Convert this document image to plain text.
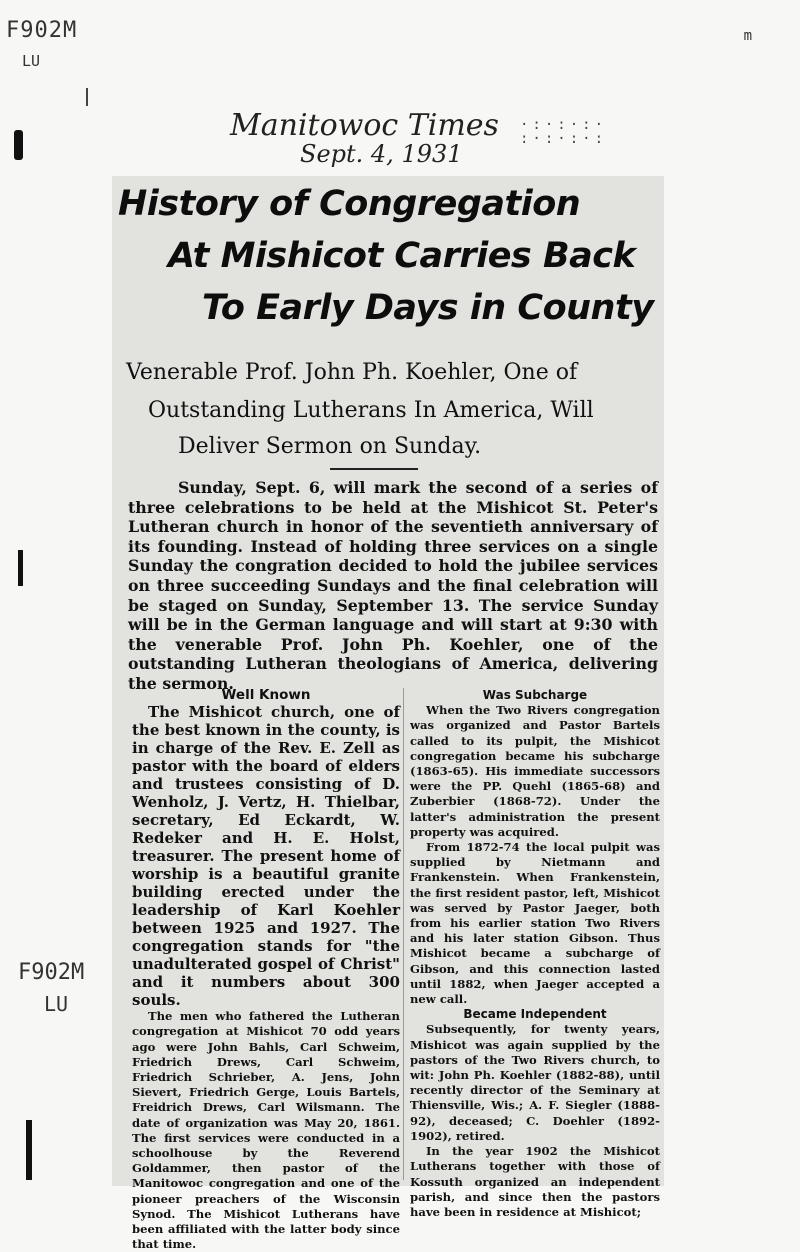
F902M
LU
m
F902M
LU
Manitowoc Times
Sept. 4, 1931
·:·:·:·
:·:·:·:
History of Congregation
At Mishicot Carries Back
To Early Days in County
Venerable Prof. John Ph. Koehler, One of
Outstanding Lutherans In America, Will
Deliver Sermon on Sunday.

Sunday, Sept. 6, will mark the second of a series of three celebrations to be held at the Mishicot St. Peter's Lutheran church in honor of the seventieth anniversary of its founding. Instead of holding three services on a single Sunday the congration decided to hold the jubilee services on three succeeding Sundays and the final celebration will be staged on Sunday, September 13. The service Sunday will be in the German language and will start at 9:30 with the venerable Prof. John Ph. Koehler, one of the outstanding Lutheran theologians of America, delivering the sermon.

Well Known

The Mishicot church, one of the best known in the county, is in charge of the Rev. E. Zell as pastor with the board of elders and trustees consisting of D. Wenholz, J. Vertz, H. Thielbar, secretary, Ed Eckardt, W. Redeker and H. E. Holst, treasurer. The present home of worship is a beautiful granite building erected under the leadership of Karl Koehler between 1925 and 1927. The congregation stands for "the unadulterated gospel of Christ" and it numbers about 300 souls.

The men who fathered the Lutheran congregation at Mishicot 70 odd years ago were John Bahls, Carl Schweim, Friedrich Drews, Carl Schweim, Friedrich Schrieber, A. Jens, John Sievert, Friedrich Gerge, Louis Bartels, Freidrich Drews, Carl Wilsmann. The date of organization was May 20, 1861. The first services were conducted in a schoolhouse by the Reverend Goldammer, then pastor of the Manitowoc congregation and one of the pioneer preachers of the Wisconsin Synod. The Mishicot Lutherans have been affiliated with the latter body since that time.

Was Subcharge

When the Two Rivers congregation was organized and Pastor Bartels called to its pulpit, the Mishicot congregation became his subcharge (1863-65). His immediate successors were the PP. Quehl (1865-68) and Zuberbier (1868-72). Under the latter's administration the present property was acquired.

From 1872-74 the local pulpit was supplied by Nietmann and Frankenstein. When Frankenstein, the first resident pastor, left, Mishicot was served by Pastor Jaeger, both from his earlier station Two Rivers and his later station Gibson. Thus Mishicot became a subcharge of Gibson, and this connection lasted until 1882, when Jaeger accepted a new call.

Became Independent

Subsequently, for twenty years, Mishicot was again supplied by the pastors of the Two Rivers church, to wit: John Ph. Koehler (1882-88), until recently director of the Seminary at Thiensville, Wis.; A. F. Siegler (1888-92), deceased; C. Doehler (1892-1902), retired.

In the year 1902 the Mishicot Lutherans together with those of Kossuth organized an independent parish, and since then the pastors have been in residence at Mishicot;
